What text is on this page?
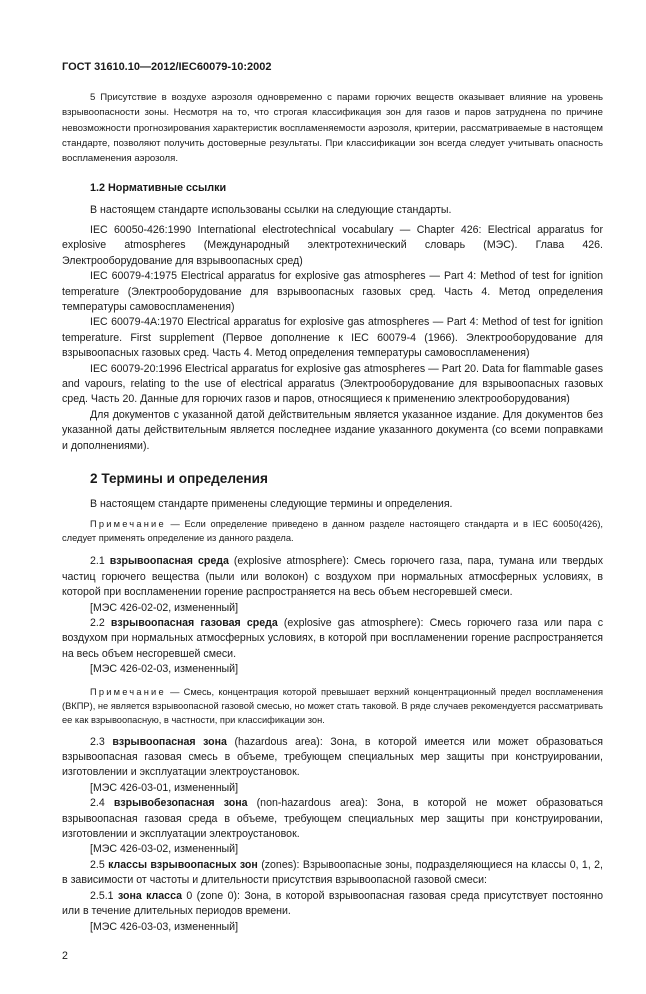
ГОСТ 31610.10—2012/IEC60079-10:2002

5 Присутствие в воздухе аэрозоля одновременно с парами горючих веществ оказывает влияние на уровень взрывоопасности зоны. Несмотря на то, что строгая классификация зон для газов и паров затруднена по причине невозможности прогнозирования характеристик воспламеняемости аэрозоля, критерии, рассматриваемые в настоящем стандарте, позволяют получить достоверные результаты. При классификации зон всегда следует учитывать опасность воспламенения аэрозоля.

1.2 Нормативные ссылки

В настоящем стандарте использованы ссылки на следующие стандарты.

IEC 60050-426:1990 International electrotechnical vocabulary — Chapter 426: Electrical apparatus for explosive atmospheres (Международный электротехнический словарь (МЭС). Глава 426. Электрооборудование для взрывоопасных сред)

IEC 60079-4:1975 Electrical apparatus for explosive gas atmospheres — Part 4: Method of test for ignition temperature (Электрооборудование для взрывоопасных газовых сред. Часть 4. Метод определения температуры самовоспламенения)

IEC 60079-4A:1970 Electrical apparatus for explosive gas atmospheres — Part 4: Method of test for ignition temperature. First supplement (Первое дополнение к IEC 60079-4 (1966). Электрооборудование для взрывоопасных газовых сред. Часть 4. Метод определения температуры самовоспламенения)

IEC 60079-20:1996 Electrical apparatus for explosive gas atmospheres — Part 20. Data for flammable gases and vapours, relating to the use of electrical apparatus (Электрооборудование для взрывоопасных газовых сред. Часть 20. Данные для горючих газов и паров, относящиеся к применению электрооборудования)

Для документов с указанной датой действительным является указанное издание. Для документов без указанной даты действительным является последнее издание указанного документа (со всеми поправками и дополнениями).

2 Термины и определения

В настоящем стандарте применены следующие термины и определения.

Примечание — Если определение приведено в данном разделе настоящего стандарта и в IEC 60050(426), следует применять определение из данного раздела.

2.1 взрывоопасная среда (explosive atmosphere): Смесь горючего газа, пара, тумана или твердых частиц горючего вещества (пыли или волокон) с воздухом при нормальных атмосферных условиях, в которой при воспламенении горение распространяется на весь объем несгоревшей смеси.

[МЭС 426-02-02, измененный]

2.2 взрывоопасная газовая среда (explosive gas atmosphere): Смесь горючего газа или пара с воздухом при нормальных атмосферных условиях, в которой при воспламенении горение распространяется на весь объем несгоревшей смеси.

[МЭС 426-02-03, измененный]

Примечание — Смесь, концентрация которой превышает верхний концентрационный предел воспламенения (ВКПР), не является взрывоопасной газовой смесью, но может стать таковой. В ряде случаев рекомендуется рассматривать ее как взрывоопасную, в частности, при классификации зон.

2.3 взрывоопасная зона (hazardous area): Зона, в которой имеется или может образоваться взрывоопасная газовая смесь в объеме, требующем специальных мер защиты при конструировании, изготовлении и эксплуатации электроустановок.

[МЭС 426-03-01, измененный]

2.4 взрывобезопасная зона (non-hazardous area): Зона, в которой не может образоваться взрывоопасная газовая среда в объеме, требующем специальных мер защиты при конструировании, изготовлении и эксплуатации электроустановок.

[МЭС 426-03-02, измененный]

2.5 классы взрывоопасных зон (zones): Взрывоопасные зоны, подразделяющиеся на классы 0, 1, 2, в зависимости от частоты и длительности присутствия взрывоопасной газовой смеси:

2.5.1 зона класса 0 (zone 0): Зона, в которой взрывоопасная газовая среда присутствует постоянно или в течение длительных периодов времени.

[МЭС 426-03-03, измененный]

2
